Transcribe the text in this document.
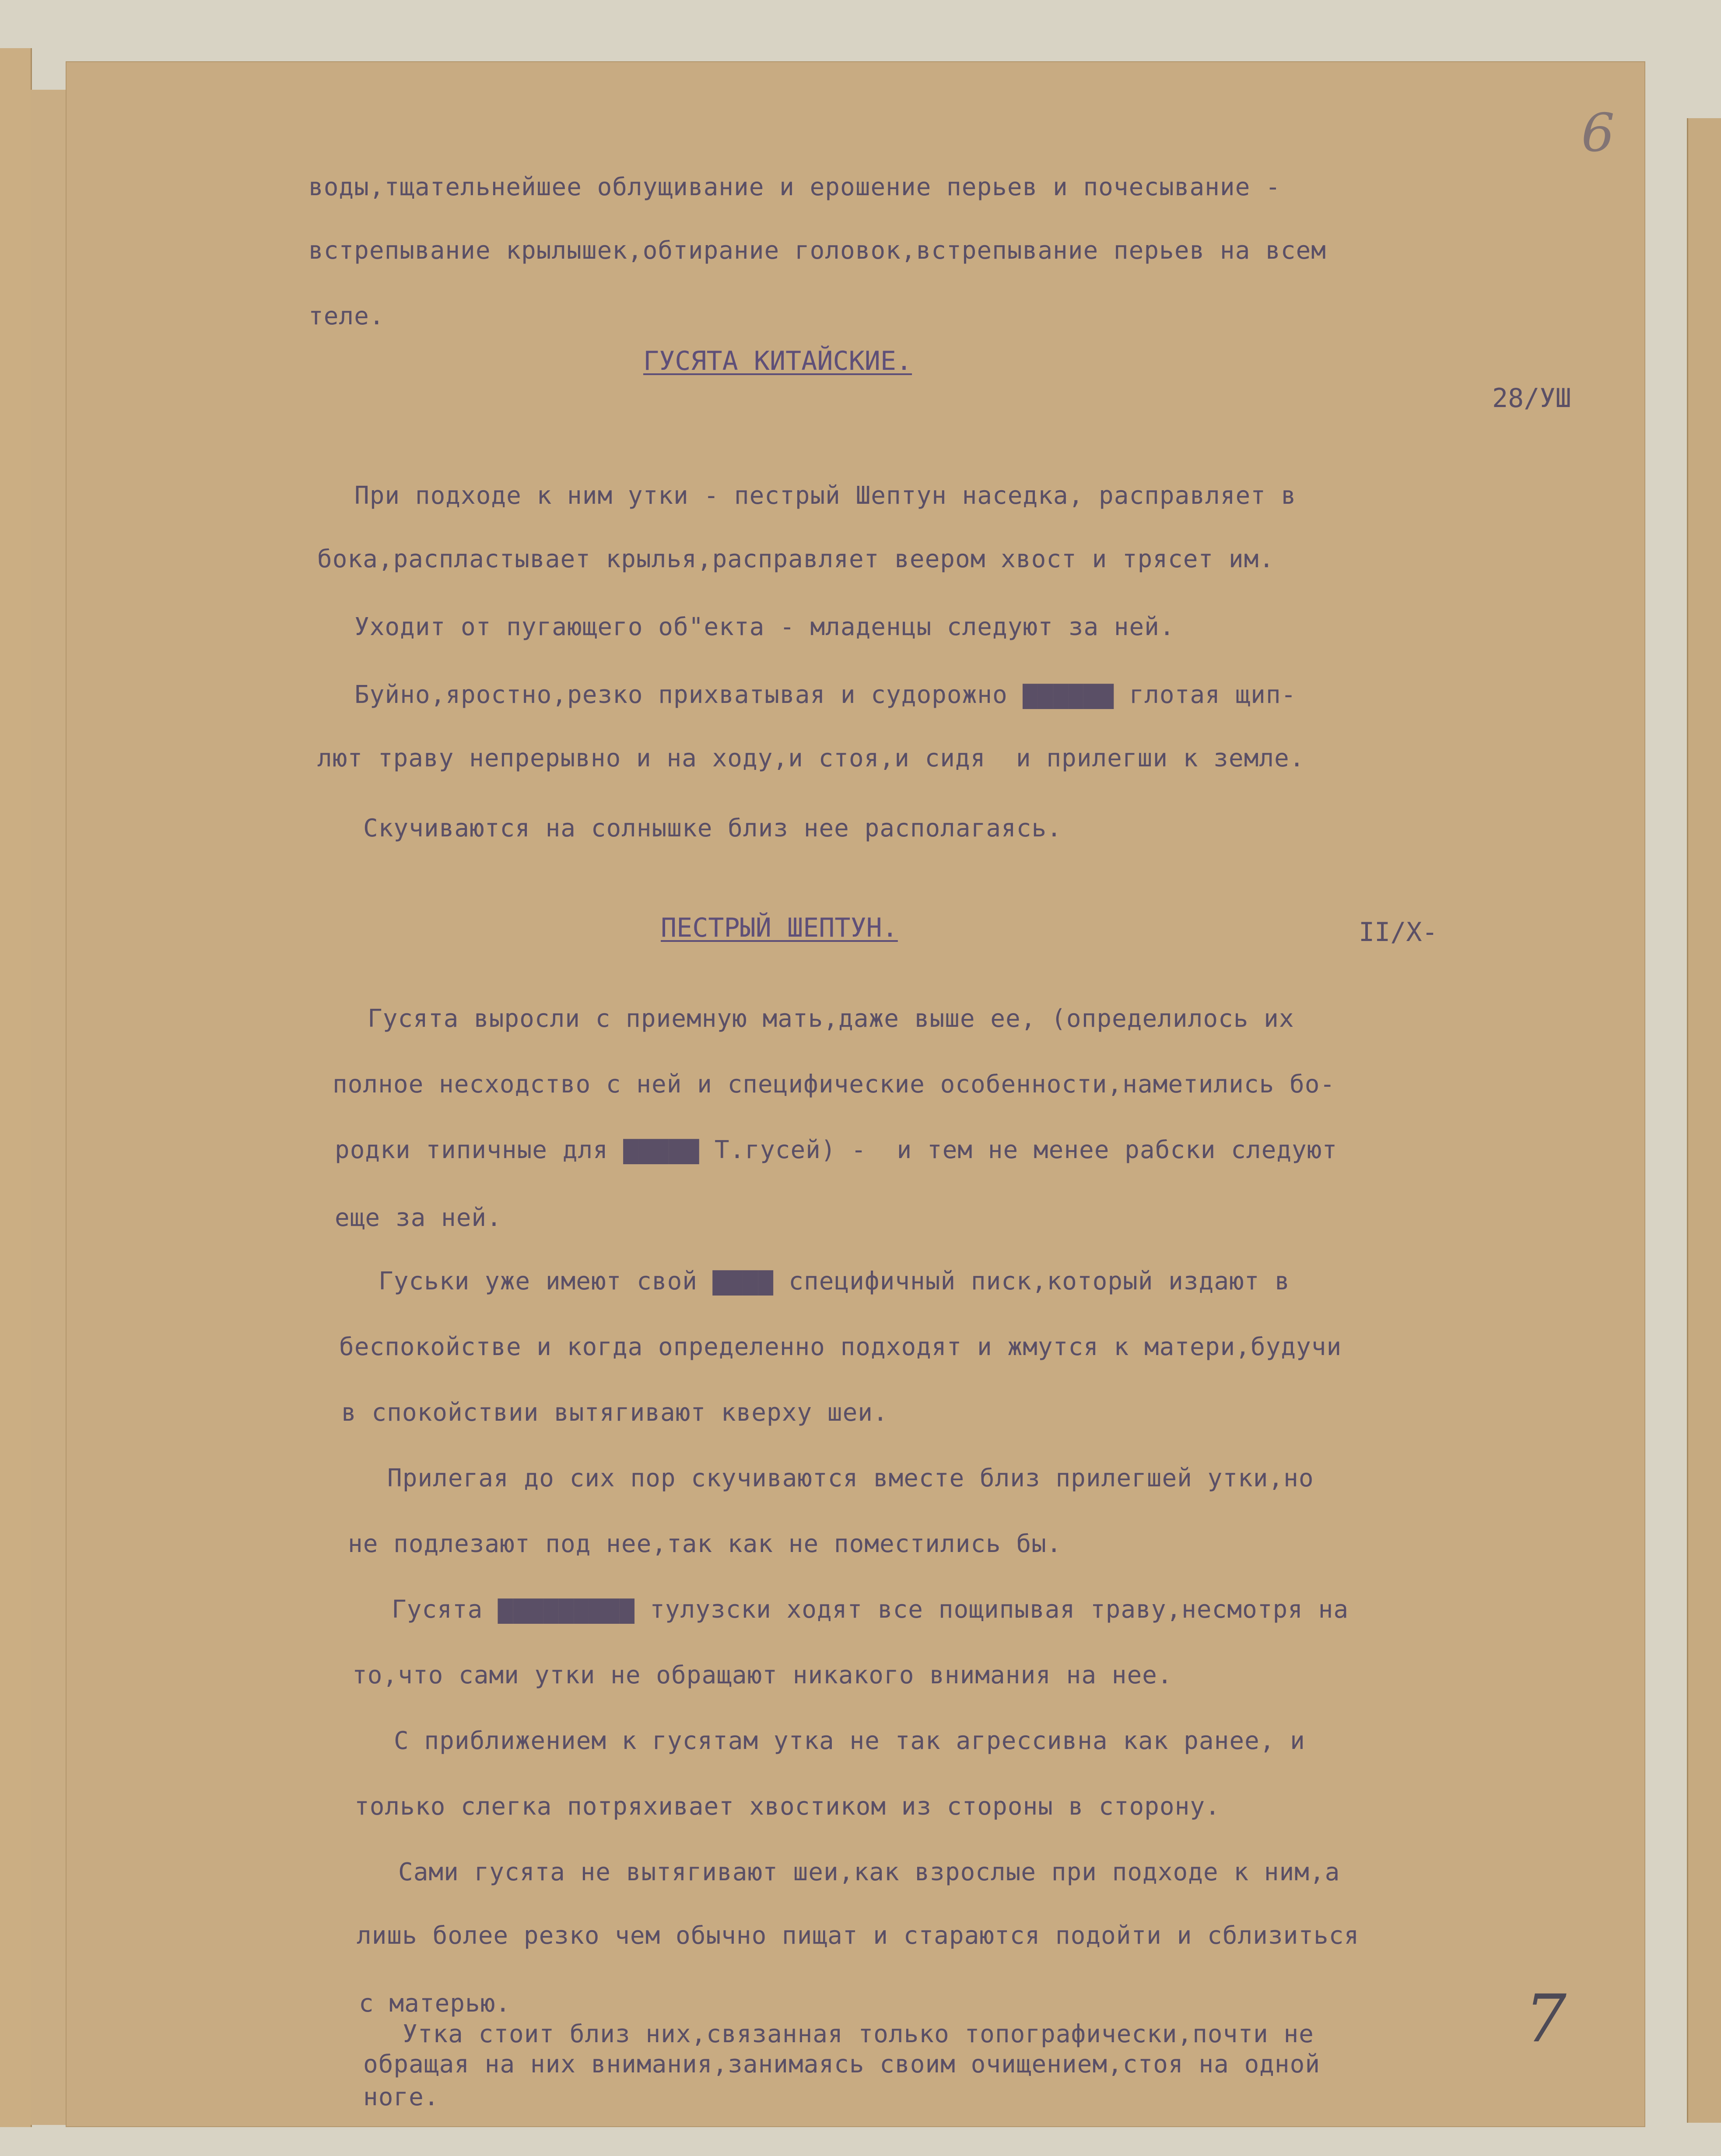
6

воды,тщательнейшее облущивание и ерошение перьев и почесывание -

встрепывание крылышек,обтирание головок,встрепывание перьев на всем

теле.

ГУСЯТА КИТАЙСКИЕ.

28/УШ

При подходе к ним утки - пестрый Шептун наседка, расправляет в

бока,распластывает крылья,расправляет веером хвост и трясет им.

Уходит от пугающего об"екта - младенцы следуют за ней.

Буйно,яростно,резко прихватывая и судорожно ▇▇▇▇▇▇ глотая щип-

лют траву непрерывно и на ходу,и стоя,и сидя  и прилегши к земле.

Скучиваются на солнышке близ нее располагаясь.

ПЕСТРЫЙ ШЕПТУН.	II/X-

Гусята выросли с приемную мать,даже выше ее, (определилось их

полное несходство с ней и специфические особенности,наметились бо-

родки типичные для ▇▇▇▇▇ Т.гусей) -  и тем не менее рабски следуют

еще за ней.

Гуськи уже имеют свой ▇▇▇▇ специфичный писк,который издают в

беспокойстве и когда определенно подходят и жмутся к матери,будучи

в спокойствии вытягивают кверху шеи.

Прилегая до сих пор скучиваются вместе близ прилегшей утки,но

не подлезают под нее,так как не поместились бы.

Гусята ▇▇▇▇▇▇▇▇▇ тулузски ходят все пощипывая траву,несмотря на

то,что сами утки не обращают никакого внимания на нее.

С приближением к гусятам утка не так агрессивна как ранее, и

только слегка потряхивает хвостиком из стороны в сторону.

Сами гусята не вытягивают шеи,как взрослые при подходе к ним,а

лишь более резко чем обычно пищат и стараются подойти и сблизиться

с матерью.

Утка стоит близ них,связанная только топографически,почти не

обращая на них внимания,занимаясь своим очищением,стоя на одной

ноге.

7
